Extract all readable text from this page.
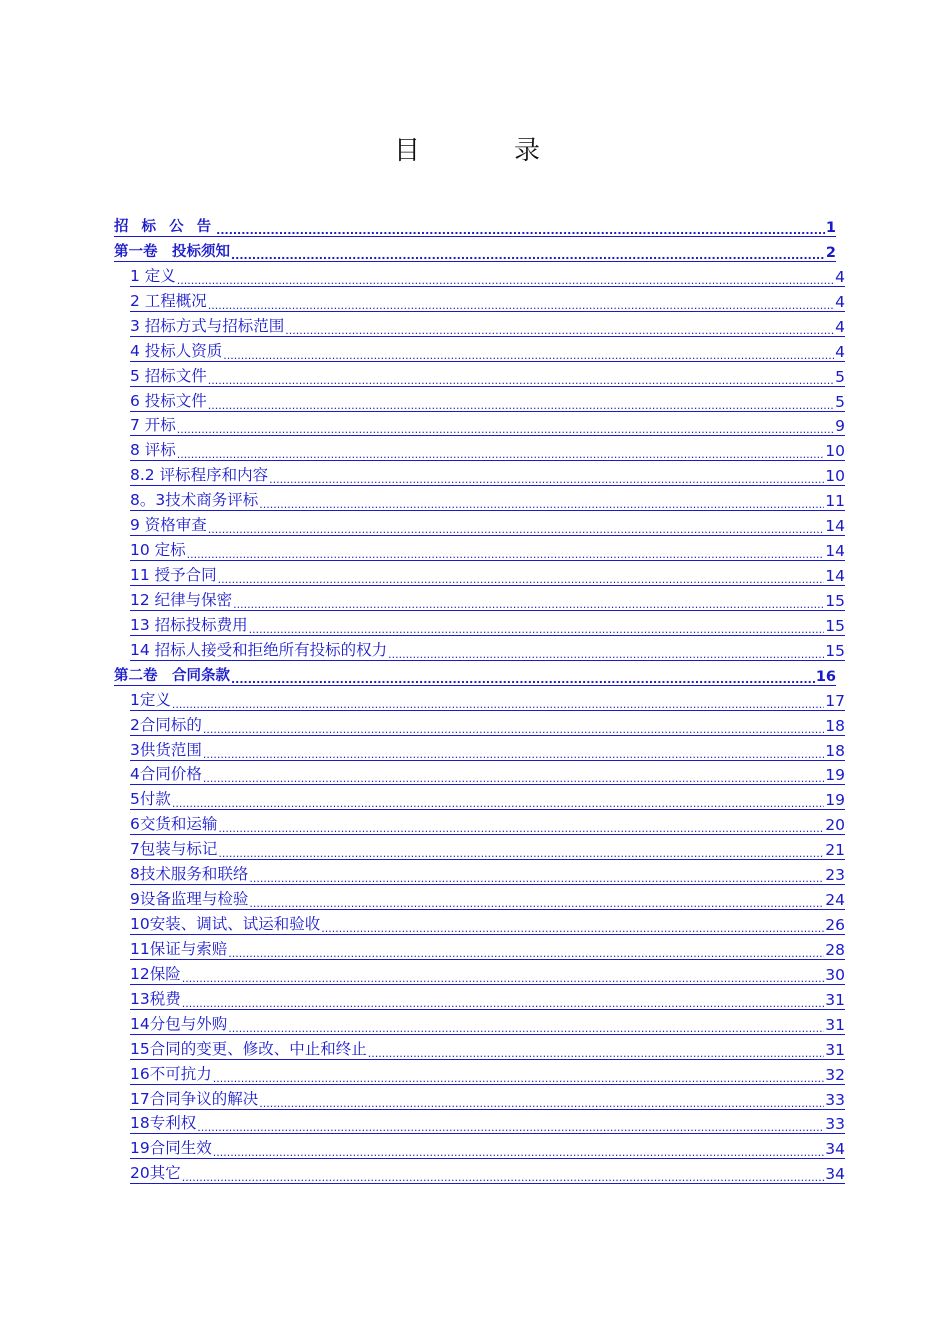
目　录
招 标 公 告 .....	1
第一卷　投标须知 .....	2
1 定义 .....	4
2 工程概况 .....	4
3 招标方式与招标范围 .....	4
4 投标人资质 .....	4
5 招标文件 .....	5
6 投标文件 .....	5
7 开标 .....	9
8 评标 .....	10
8.2 评标程序和内容 .....	10
8。3技术商务评标 .....	11
9 资格审查 .....	14
10 定标 .....	14
11 授予合同 .....	14
12 纪律与保密 .....	15
13 招标投标费用 .....	15
14 招标人接受和拒绝所有投标的权力 .....	15
第二卷　合同条款 .....	16
1定义 .....	17
2合同标的 .....	18
3供货范围 .....	18
4合同价格 .....	19
5付款 .....	19
6交货和运输 .....	20
7包装与标记 .....	21
8技术服务和联络 .....	23
9设备监理与检验 .....	24
10安装、调试、试运和验收 .....	26
11保证与索赔 .....	28
12保险 .....	30
13税费 .....	31
14分包与外购 .....	31
15合同的变更、修改、中止和终止 .....	31
16不可抗力 .....	32
17合同争议的解决 .....	33
18专利权 .....	33
19合同生效 .....	34
20其它 .....	34
